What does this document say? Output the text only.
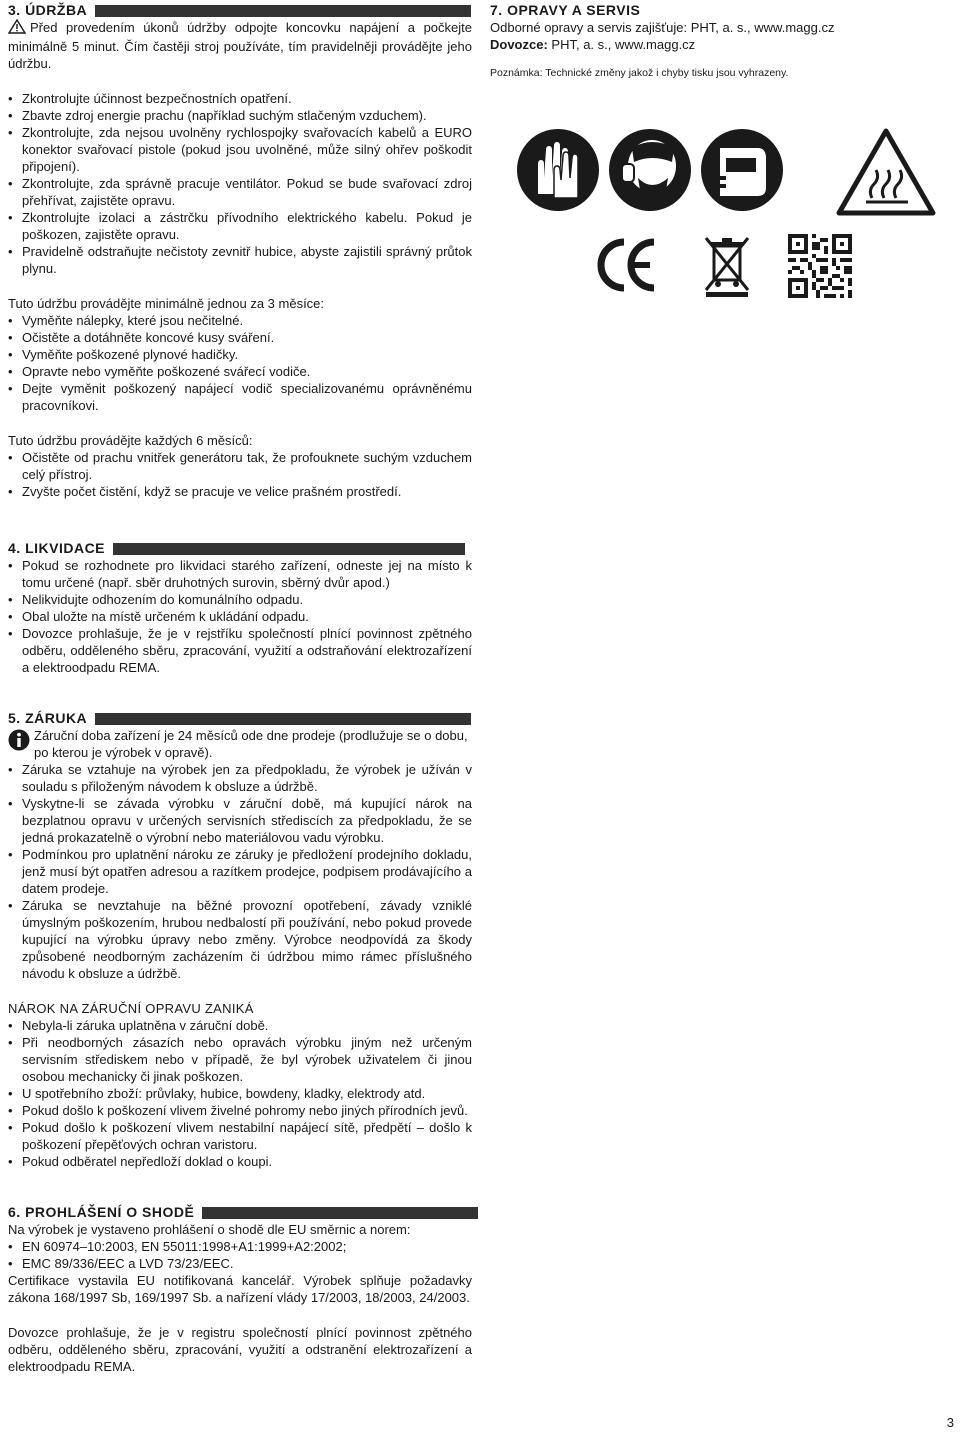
3. ÚDRŽBA

Před provedením úkonů údržby odpojte koncovku napájení a počkejte minimálně 5 minut. Čím častěji stroj používáte, tím pravidelněji provádějte jeho údržbu.

• Zkontrolujte účinnost bezpečnostních opatření.
• Zbavte zdroj energie prachu (například suchým stlačeným vzduchem).
• Zkontrolujte, zda nejsou uvolněny rychlospojky svařovacích kabelů a EURO konektor svařovací pistole (pokud jsou uvolněné, může silný ohřev poškodit připojení).
• Zkontrolujte, zda správně pracuje ventilátor. Pokud se bude svařovací zdroj přehřívat, zajistěte opravu.
• Zkontrolujte izolaci a zástrčku přívodního elektrického kabelu. Pokud je poškozen, zajistěte opravu.
• Pravidelně odstraňujte nečistoty zevnitř hubice, abyste zajistili správný průtok plynu.

Tuto údržbu provádějte minimálně jednou za 3 měsíce:

• Vyměňte nálepky, které jsou nečitelné.
• Očistěte a dotáhněte koncové kusy sváření.
• Vyměňte poškozené plynové hadičky.
• Opravte nebo vyměňte poškozené svářecí vodiče.
• Dejte vyměnit poškozený napájecí vodič specializovanému oprávněnému pracovníkovi.

Tuto údržbu provádějte každých 6 měsíců:

• Očistěte od prachu vnitřek generátoru tak, že profouknete suchým vzduchem celý přístroj.
• Zvyšte počet čistění, když se pracuje ve velice prašném prostředí.
4. LIKVIDACE
• Pokud se rozhodnete pro likvidaci starého zařízení, odneste jej na místo k tomu určené (např. sběr druhotných surovin, sběrný dvůr apod.)
• Nelikvidujte odhozením do komunálního odpadu.
• Obal uložte na místě určeném k ukládání odpadu.
• Dovozce prohlašuje, že je v rejstříku společností plnící povinnost zpětného odběru, odděleného sběru, zpracování, využití a odstraňování elektrozařízení a elektroodpadu REMA.
5. ZÁRUKA

Záruční doba zařízení je 24 měsíců ode dne prodeje (prodlužuje se o dobu, po kterou je výrobek v opravě).

• Záruka se vztahuje na výrobek jen za předpokladu, že výrobek je užíván v souladu s přiloženým návodem k obsluze a údržbě.
• Vyskytne-li se závada výrobku v záruční době, má kupující nárok na bezplatnou opravu v určených servisních střediscích za předpokladu, že se jedná prokazatelně o výrobní nebo materiálovou vadu výrobku.
• Podmínkou pro uplatnění nároku ze záruky je předložení prodejního dokladu, jenž musí být opatřen adresou a razítkem prodejce, podpisem prodávajícího a datem prodeje.
• Záruka se nevztahuje na běžné provozní opotřebení, závady vzniklé úmyslným poškozením, hrubou nedbalostí při používání, nebo pokud provede kupující na výrobku úpravy nebo změny. Výrobce neodpovídá za škody způsobené neodborným zacházením či údržbou mimo rámec příslušného návodu k obsluze a údržbě.

NÁROK NA ZÁRUČNÍ OPRAVU ZANIKÁ

• Nebyla-li záruka uplatněna v záruční době.
• Při neodborných zásazích nebo opravách výrobku jiným než určeným servisním střediskem nebo v případě, že byl výrobek uživatelem či jinou osobou mechanicky či jinak poškozen.
• U spotřebního zboží: průvlaky, hubice, bowdeny, kladky, elektrody atd.
• Pokud došlo k poškození vlivem živelné pohromy nebo jiných přírodních jevů.
• Pokud došlo k poškození vlivem nestabilní napájecí sítě, předpětí – došlo k poškození přepěťových ochran varistoru.
• Pokud odběratel nepředloží doklad o koupi.
6. PROHLÁŠENÍ O SHODĚ

Na výrobek je vystaveno prohlášení o shodě dle EU směrnic a norem:

• EN 60974–10:2003, EN 55011:1998+A1:1999+A2:2002;
• EMC 89/336/EEC a LVD 73/23/EEC.

Certifikace vystavila EU notifikovaná kancelář. Výrobek splňuje požadavky zákona 168/1997 Sb, 169/1997 Sb. a nařízení vlády 17/2003, 18/2003, 24/2003.

Dovozce prohlašuje, že je v registru společností plnící povinnost zpětného odběru, odděleného sběru, zpracování, využití a odstranění elektrozařízení a elektroodpadu REMA.

7. OPRAVY A SERVIS

Odborné opravy a servis zajišťuje: PHT, a. s., www.magg.cz

Dovozce: PHT, a. s., www.magg.cz

Poznámka: Technické změny jakož i chyby tisku jsou vyhrazeny.

3
